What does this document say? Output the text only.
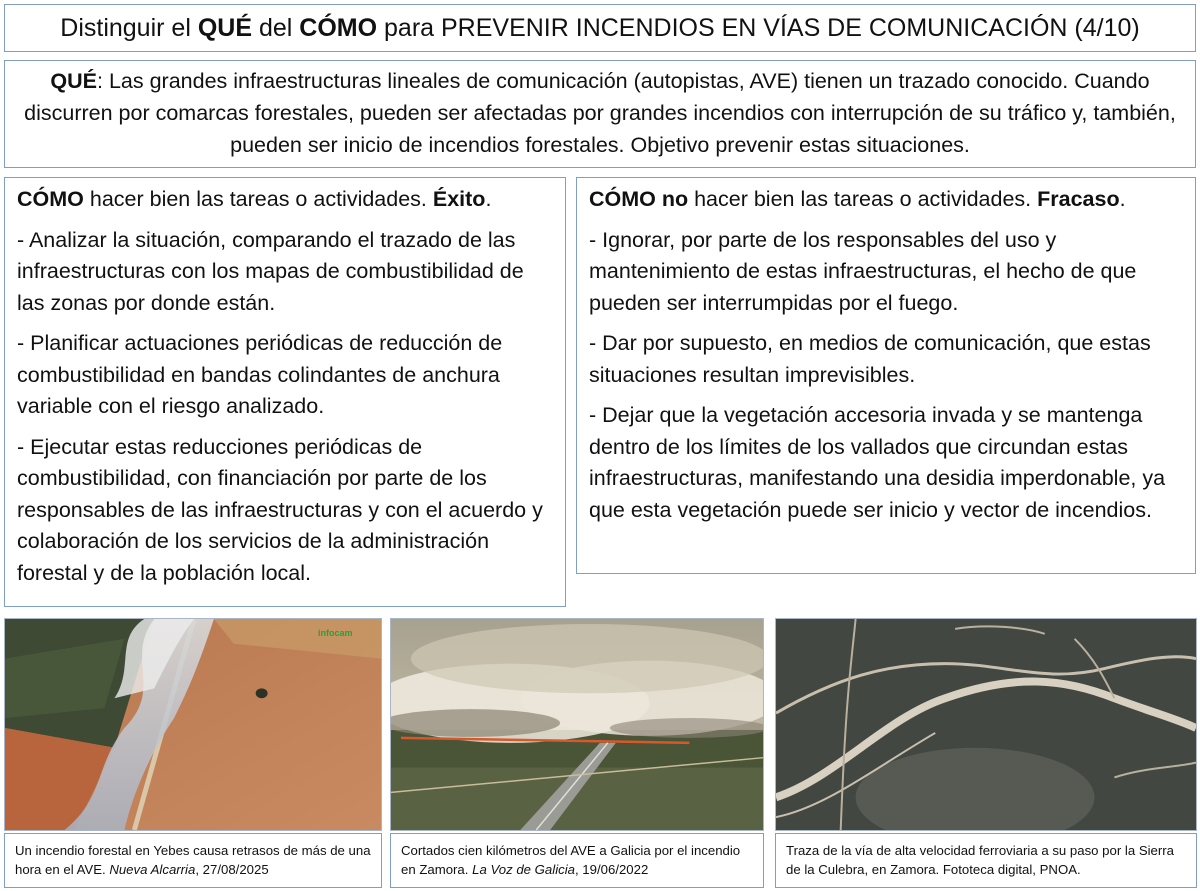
Distinguir el QUÉ del CÓMO para PREVENIR INCENDIOS EN VÍAS DE COMUNICACIÓN (4/10)
QUÉ: Las grandes infraestructuras lineales de comunicación (autopistas, AVE) tienen un trazado conocido. Cuando discurren por comarcas forestales, pueden ser afectadas por grandes incendios con interrupción de su tráfico y, también, pueden ser inicio de incendios forestales. Objetivo prevenir estas situaciones.
CÓMO hacer bien las tareas o actividades. Éxito.
- Analizar la situación, comparando el trazado de las infraestructuras con los mapas de combustibilidad de las zonas por donde están.
- Planificar actuaciones periódicas de reducción de combustibilidad en bandas colindantes de anchura variable con el riesgo analizado.
- Ejecutar estas reducciones periódicas de combustibilidad, con financiación por parte de los responsables de las infraestructuras y con el acuerdo y colaboración de los servicios de la administración forestal y de la población local.
CÓMO no hacer bien las tareas o actividades. Fracaso.
- Ignorar, por parte de los responsables del uso y mantenimiento de estas infraestructuras, el hecho de que pueden ser interrumpidas por el fuego.
- Dar por supuesto, en medios de comunicación, que estas situaciones resultan imprevisibles.
- Dejar que la vegetación accesoria invada y se mantenga dentro de los límites de los vallados que circundan estas infraestructuras, manifestando una desidia imperdonable, ya que esta vegetación puede ser inicio y vector de incendios.
infocam
Un incendio forestal en Yebes causa retrasos de más de una hora en el AVE. Nueva Alcarria, 27/08/2025
Cortados cien kilómetros del AVE a Galicia por el incendio en Zamora. La Voz de Galicia, 19/06/2022
Traza de la vía de alta velocidad ferroviaria a su paso por la Sierra de la Culebra, en Zamora. Fototeca digital, PNOA.
